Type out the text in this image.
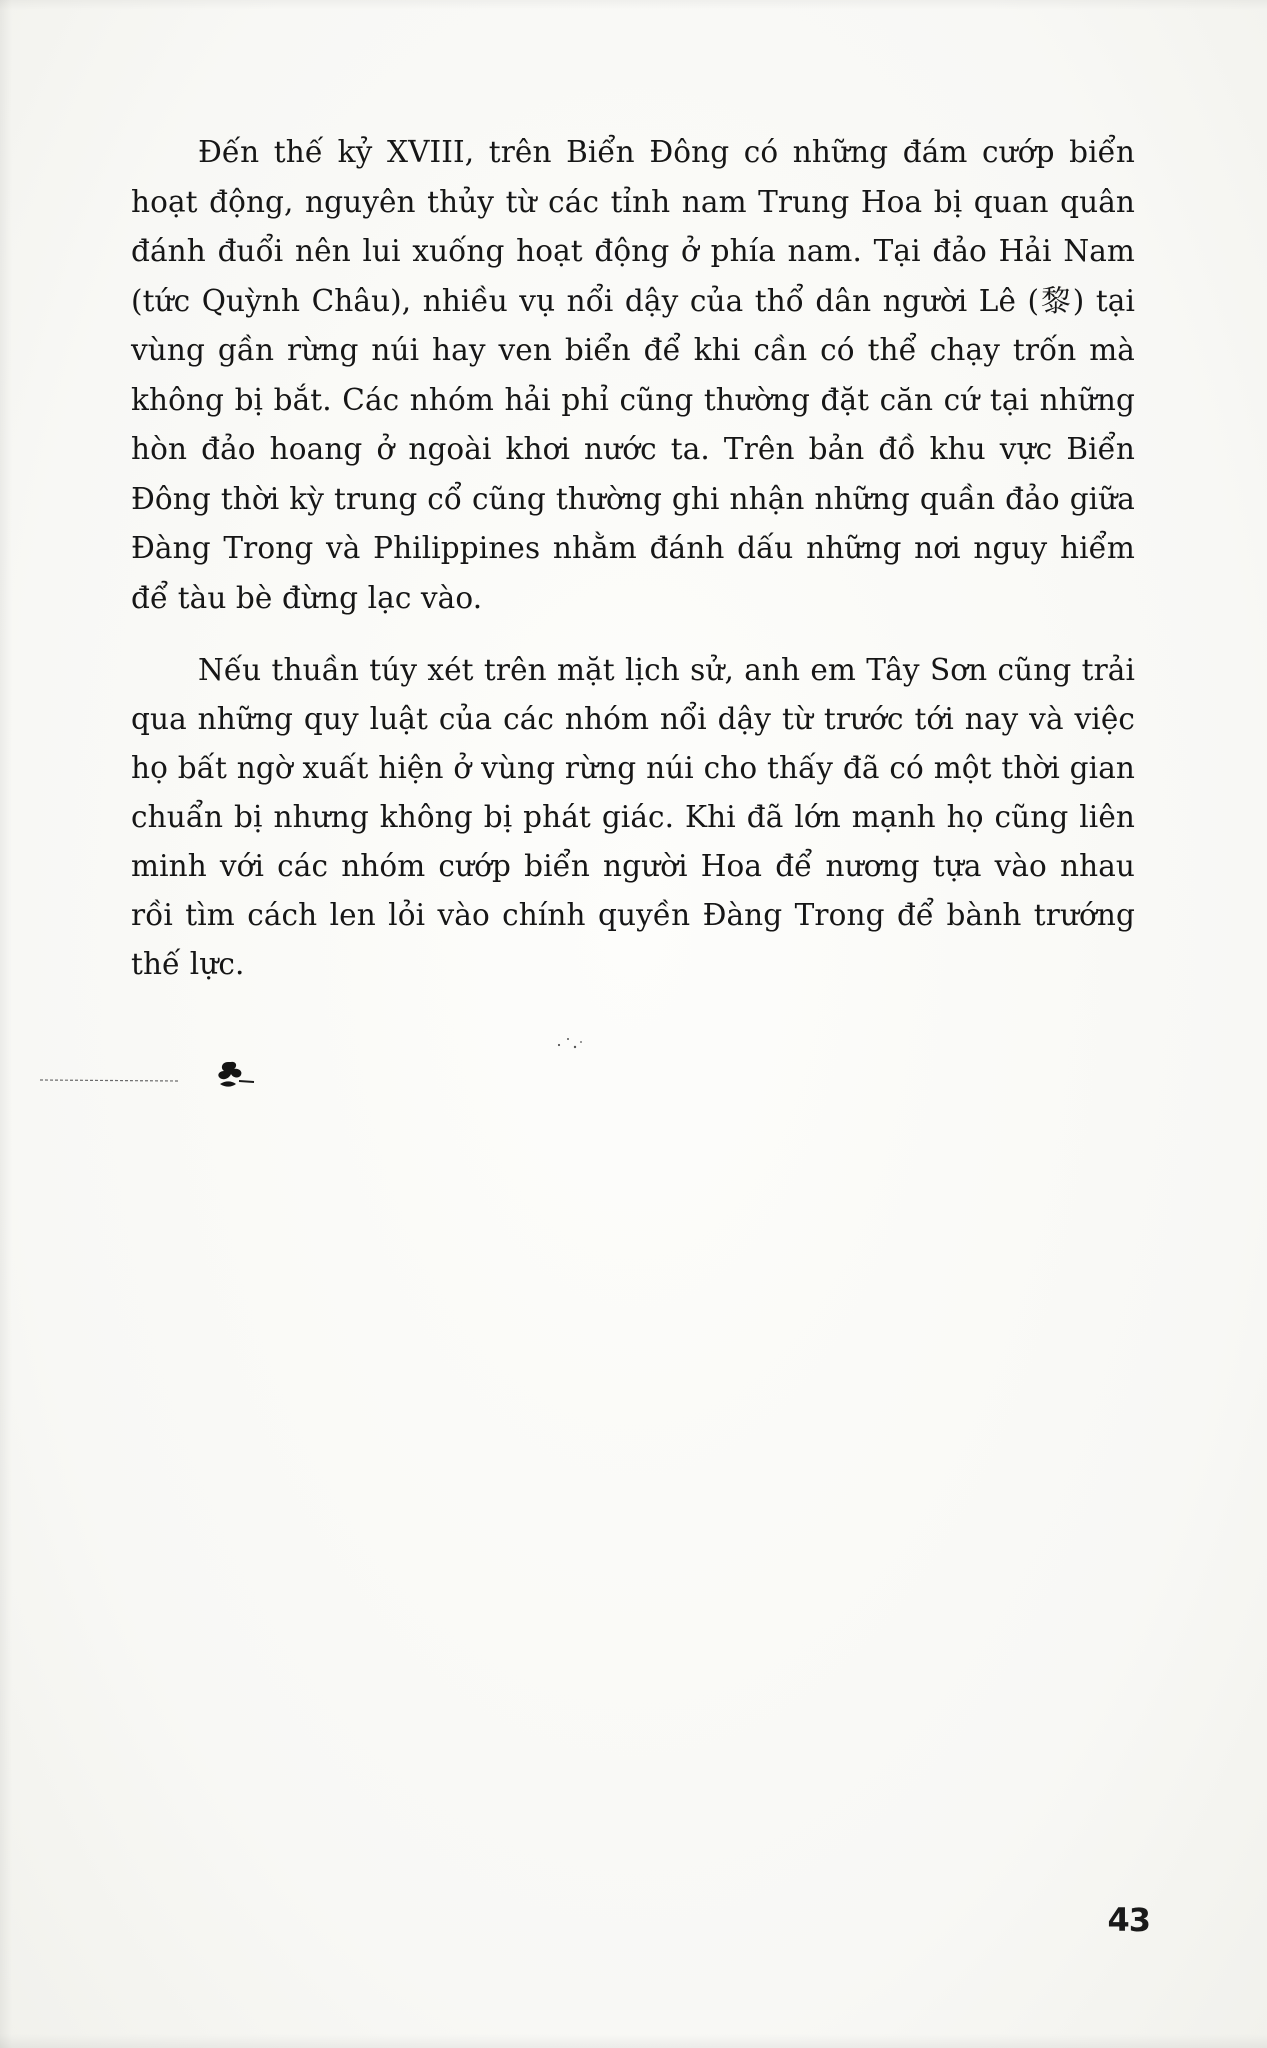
Đến thế kỷ XVIII, trên Biển Đông có những đám cướp biển hoạt động, nguyên thủy từ các tỉnh nam Trung Hoa bị quan quân đánh đuổi nên lui xuống hoạt động ở phía nam. Tại đảo Hải Nam (tức Quỳnh Châu), nhiều vụ nổi dậy của thổ dân người Lê (黎) tại vùng gần rừng núi hay ven biển để khi cần có thể chạy trốn mà không bị bắt. Các nhóm hải phỉ cũng thường đặt căn cứ tại những hòn đảo hoang ở ngoài khơi nước ta. Trên bản đồ khu vực Biển Đông thời kỳ trung cổ cũng thường ghi nhận những quần đảo giữa Đàng Trong và Philippines nhằm đánh dấu những nơi nguy hiểm để tàu bè đừng lạc vào.

Nếu thuần túy xét trên mặt lịch sử, anh em Tây Sơn cũng trải qua những quy luật của các nhóm nổi dậy từ trước tới nay và việc họ bất ngờ xuất hiện ở vùng rừng núi cho thấy đã có một thời gian chuẩn bị nhưng không bị phát giác. Khi đã lớn mạnh họ cũng liên minh với các nhóm cướp biển người Hoa để nương tựa vào nhau rồi tìm cách len lỏi vào chính quyền Đàng Trong để bành trướng thế lực.

43
